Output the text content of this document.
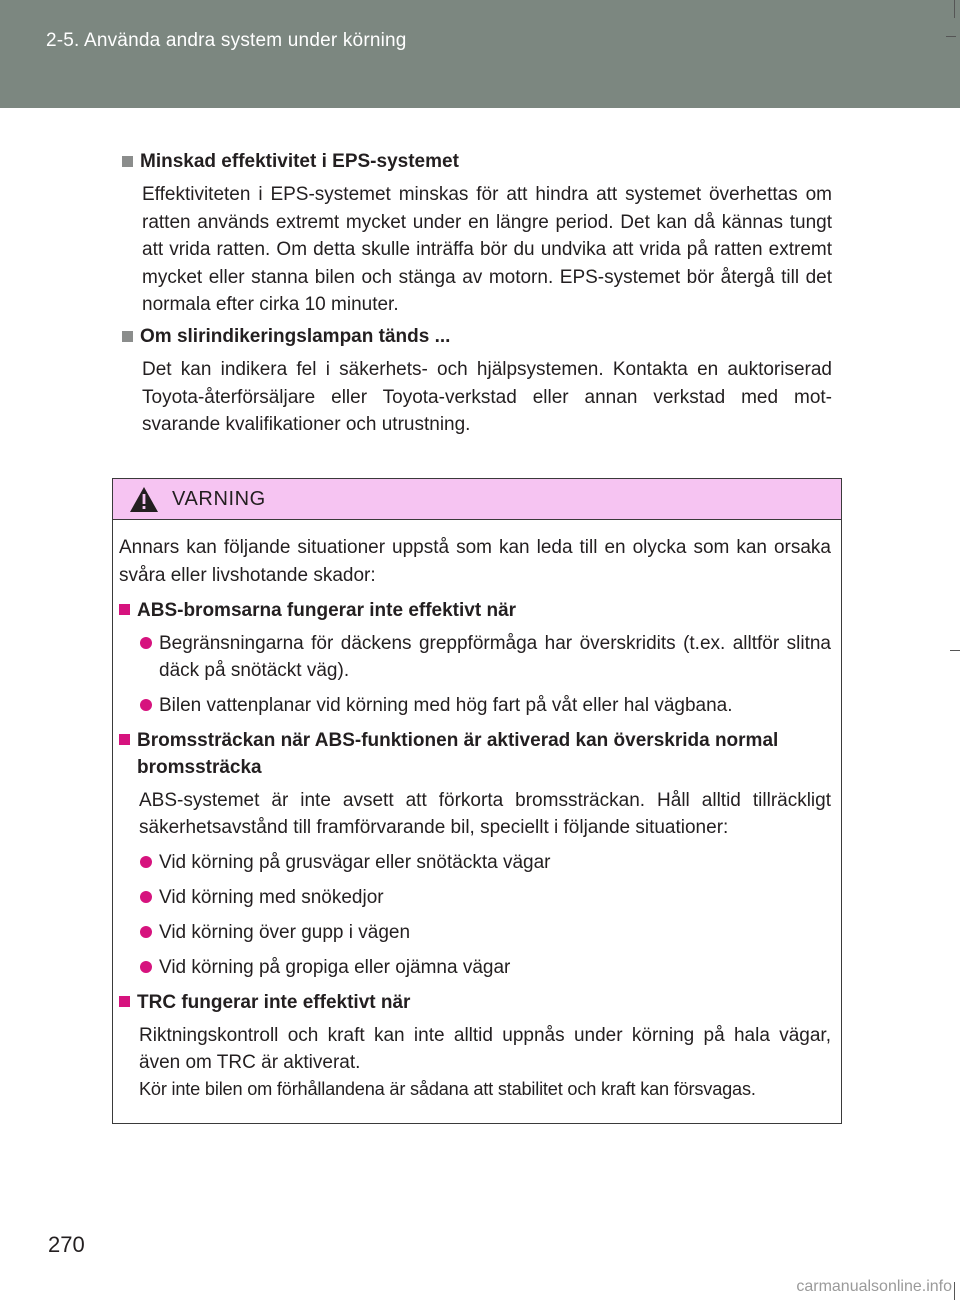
2-5. Använda andra system under körning
Minskad effektivitet i EPS-systemet
Effektiviteten i EPS-systemet minskas för att hindra att systemet överhettas om ratten används extremt mycket under en längre period. Det kan då kännas tungt att vrida ratten. Om detta skulle inträffa bör du undvika att vrida på ratten extremt mycket eller stanna bilen och stänga av motorn. EPS-systemet bör återgå till det normala efter cirka 10 minuter.
Om slirindikeringslampan tänds ...
Det kan indikera fel i säkerhets- och hjälpsystemen. Kontakta en auktoriserad Toyota-återförsäljare eller Toyota-verkstad eller annan verkstad med mot-svarande kvalifikationer och utrustning.
VARNING
Annars kan följande situationer uppstå som kan leda till en olycka som kan orsaka svåra eller livshotande skador:
ABS-bromsarna fungerar inte effektivt när
Begränsningarna för däckens greppförmåga har överskridits (t.ex. alltför slitna däck på snötäckt väg).
Bilen vattenplanar vid körning med hög fart på våt eller hal vägbana.
Bromssträckan när ABS-funktionen är aktiverad kan överskrida normal bromssträcka
ABS-systemet är inte avsett att förkorta bromssträckan. Håll alltid tillräckligt säkerhetsavstånd till framförvarande bil, speciellt i följande situationer:
Vid körning på grusvägar eller snötäckta vägar
Vid körning med snökedjor
Vid körning över gupp i vägen
Vid körning på gropiga eller ojämna vägar
TRC fungerar inte effektivt när
Riktningskontroll och kraft kan inte alltid uppnås under körning på hala vägar, även om TRC är aktiverat.
Kör inte bilen om förhållandena är sådana att stabilitet och kraft kan försvagas.
270
carmanualsonline.info
